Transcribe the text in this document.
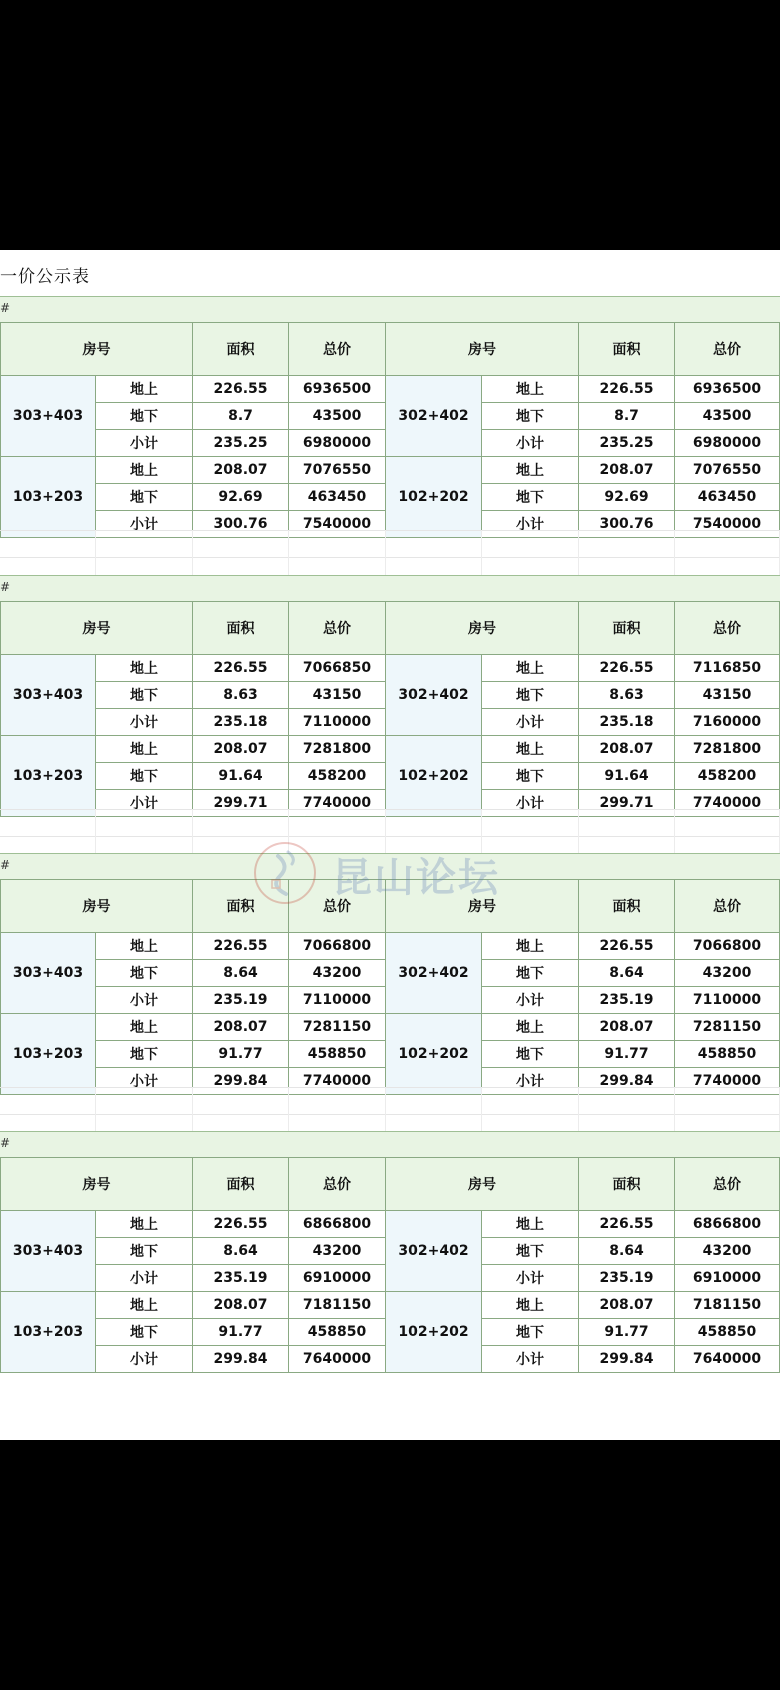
一价公示表
#
房号		面积	总价	房号		面积	总价
303+403	地上	226.55	6936500	302+402	地上	226.55	6936500
	地下	8.7	43500		地下	8.7	43500
	小计	235.25	6980000		小计	235.25	6980000
103+203	地上	208.07	7076550	102+202	地上	208.07	7076550
	地下	92.69	463450		地下	92.69	463450
	小计	300.76	7540000		小计	300.76	7540000
#
房号		面积	总价	房号		面积	总价
303+403	地上	226.55	7066850	302+402	地上	226.55	7116850
	地下	8.63	43150		地下	8.63	43150
	小计	235.18	7110000		小计	235.18	7160000
103+203	地上	208.07	7281800	102+202	地上	208.07	7281800
	地下	91.64	458200		地下	91.64	458200
	小计	299.71	7740000		小计	299.71	7740000
#
房号		面积	总价	房号		面积	总价
303+403	地上	226.55	7066800	302+402	地上	226.55	7066800
	地下	8.64	43200		地下	8.64	43200
	小计	235.19	7110000		小计	235.19	7110000
103+203	地上	208.07	7281150	102+202	地上	208.07	7281150
	地下	91.77	458850		地下	91.77	458850
	小计	299.84	7740000		小计	299.84	7740000
#
房号		面积	总价	房号		面积	总价
303+403	地上	226.55	6866800	302+402	地上	226.55	6866800
	地下	8.64	43200		地下	8.64	43200
	小计	235.19	6910000		小计	235.19	6910000
103+203	地上	208.07	7181150	102+202	地上	208.07	7181150
	地下	91.77	458850		地下	91.77	458850
	小计	299.84	7640000		小计	299.84	7640000
昆山论坛
